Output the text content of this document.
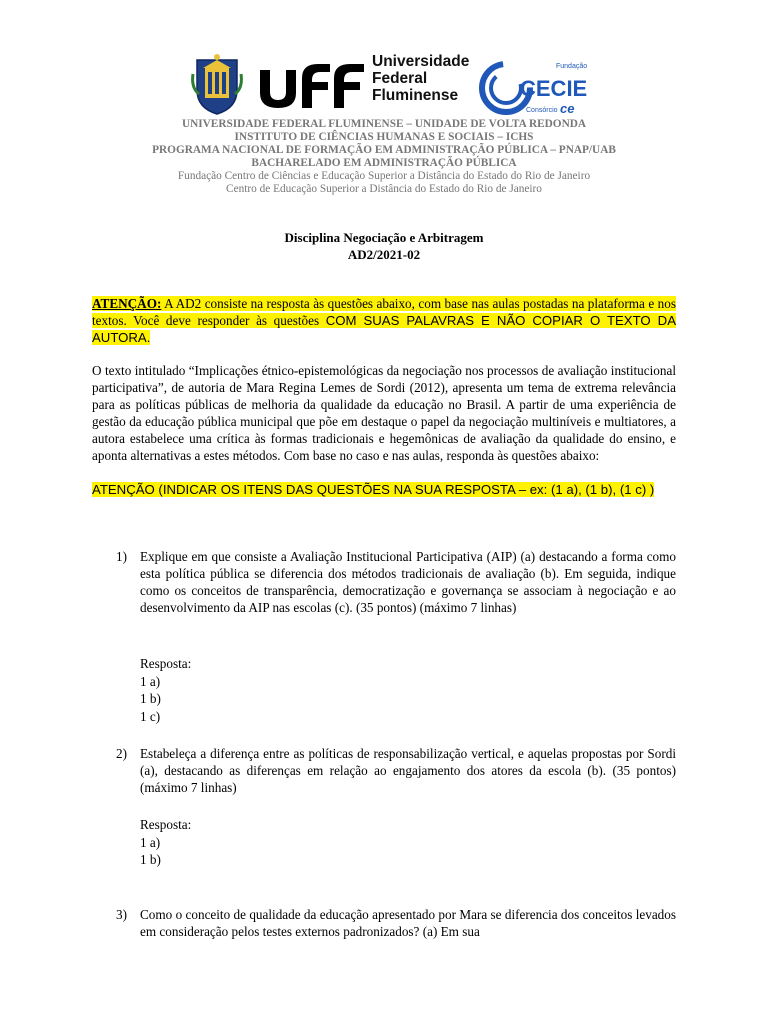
Universidade
Federal
Fluminense
Fundação
CECIE
Consórcio ce
UNIVERSIDADE FEDERAL FLUMINENSE – UNIDADE DE VOLTA REDONDA
INSTITUTO DE CIÊNCIAS HUMANAS E SOCIAIS – ICHS
PROGRAMA NACIONAL DE FORMAÇÃO EM ADMINISTRAÇÃO PÚBLICA – PNAP/UAB
BACHARELADO EM ADMINISTRAÇÃO PÚBLICA
Fundação Centro de Ciências e Educação Superior a Distância do Estado do Rio de Janeiro
Centro de Educação Superior a Distância do Estado do Rio de Janeiro
Disciplina Negociação e Arbitragem
AD2/2021-02
ATENÇÃO: A AD2 consiste na resposta às questões abaixo, com base nas aulas postadas na plataforma e nos textos. Você deve responder às questões COM SUAS PALAVRAS E NÃO COPIAR O TEXTO DA AUTORA.
O texto intitulado “Implicações étnico-epistemológicas da negociação nos processos de avaliação institucional participativa”, de autoria de Mara Regina Lemes de Sordi (2012), apresenta um tema de extrema relevância para as políticas públicas de melhoria da qualidade da educação no Brasil. A partir de uma experiência de gestão da educação pública municipal que põe em destaque o papel da negociação multiníveis e multiatores, a autora estabelece uma crítica às formas tradicionais e hegemônicas de avaliação da qualidade do ensino, e aponta alternativas a estes métodos. Com base no caso e nas aulas, responda às questões abaixo:
ATENÇÃO (INDICAR OS ITENS DAS QUESTÕES NA SUA RESPOSTA – ex: (1 a), (1 b), (1 c) )
1) Explique em que consiste a Avaliação Institucional Participativa (AIP) (a) destacando a forma como esta política pública se diferencia dos métodos tradicionais de avaliação (b). Em seguida, indique como os conceitos de transparência, democratização e governança se associam à negociação e ao desenvolvimento da AIP nas escolas (c). (35 pontos) (máximo 7 linhas)
Resposta:
1 a)
1 b)
1 c)
2) Estabeleça a diferença entre as políticas de responsabilização vertical, e aquelas propostas por Sordi (a), destacando as diferenças em relação ao engajamento dos atores da escola (b). (35 pontos) (máximo 7 linhas)
Resposta:
1 a)
1 b)
3) Como o conceito de qualidade da educação apresentado por Mara se diferencia dos conceitos levados em consideração pelos testes externos padronizados? (a) Em sua
